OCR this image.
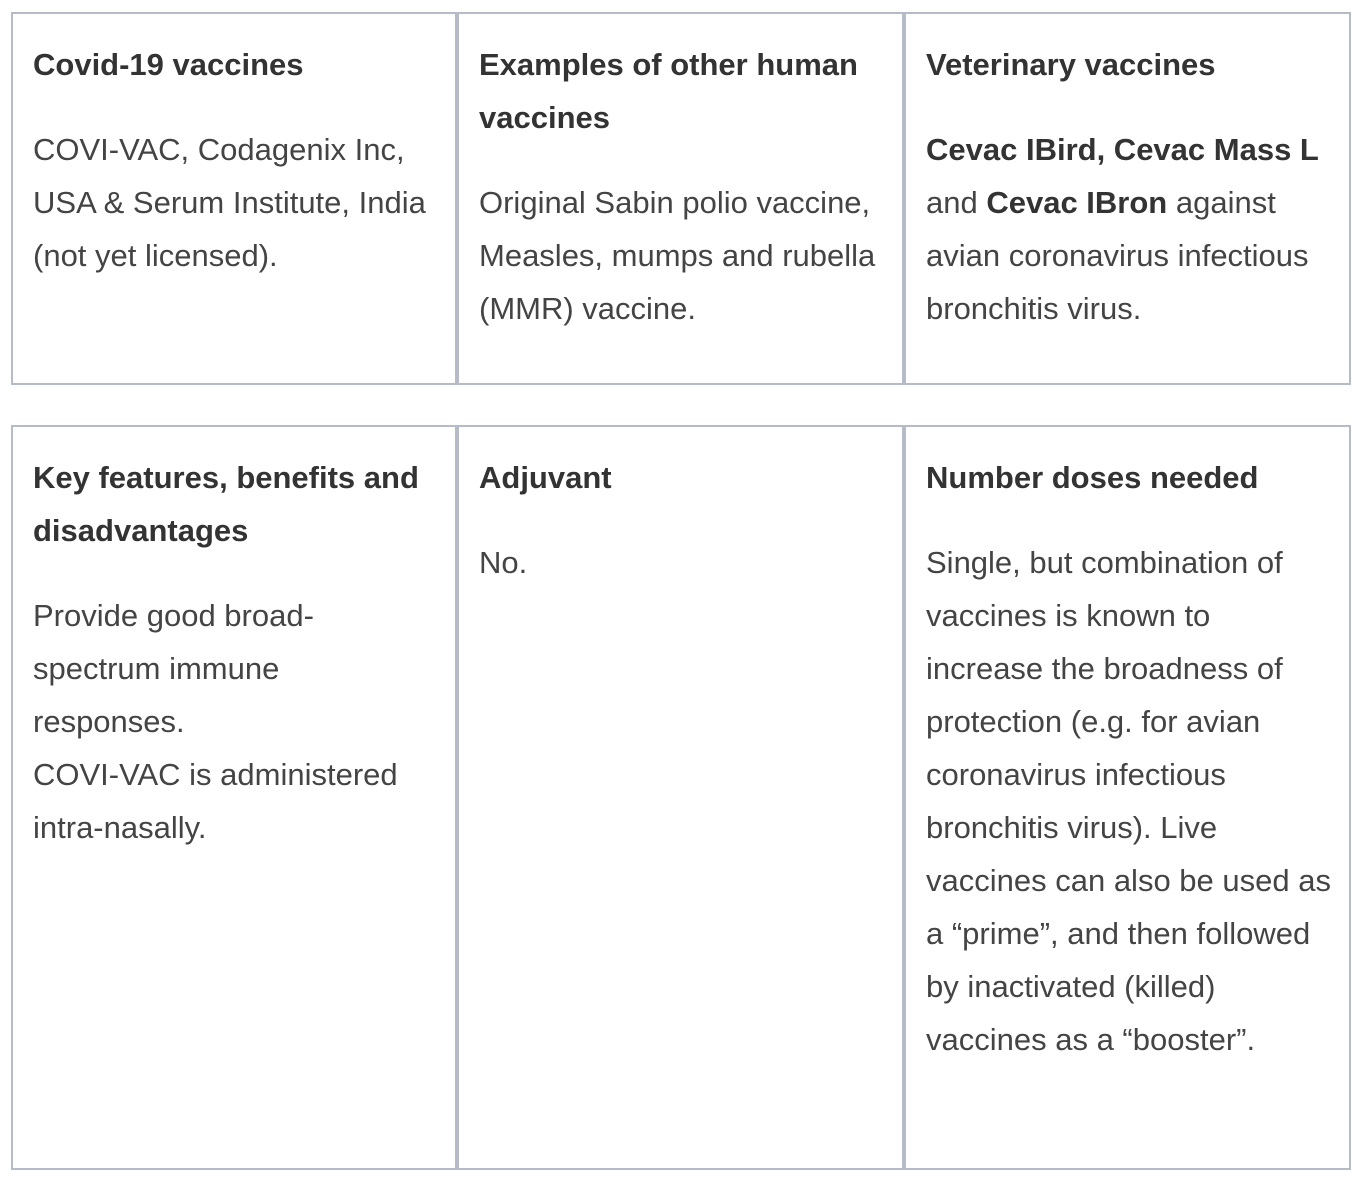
Covid-19 vaccines

COVI-VAC, Codagenix Inc, USA & Serum Institute, India (not yet licensed).

Examples of other human vaccines

Original Sabin polio vaccine, Measles, mumps and rubella (MMR) vaccine.

Veterinary vaccines

Cevac IBird, Cevac Mass L and Cevac IBron against avian coronavirus infectious bronchitis virus.

Key features, benefits and disadvantages

Provide good broad-spectrum immune responses.
COVI-VAC is administered intra-nasally.

Adjuvant

No.

Number doses needed

Single, but combination of vaccines is known to increase the broadness of protection (e.g. for avian coronavirus infectious bronchitis virus). Live vaccines can also be used as a “prime”, and then followed by inactivated (killed) vaccines as a “booster”.
